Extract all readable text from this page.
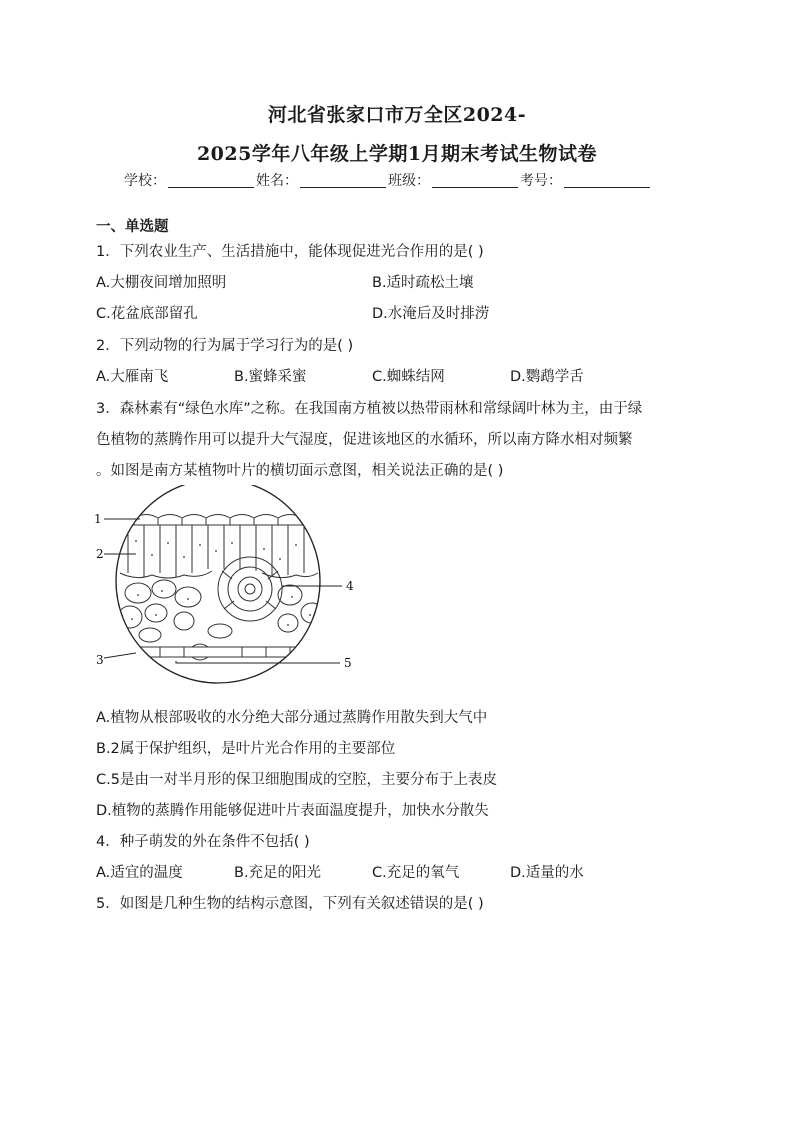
河北省张家口市万全区2024-
2025学年八年级上学期1月期末考试生物试卷
学校：	姓名：	班级：	考号：
一、单选题
1．下列农业生产、生活措施中，能体现促进光合作用的是( )
A.大棚夜间增加照明	B.适时疏松土壤
C.花盆底部留孔	D.水淹后及时排涝
2．下列动物的行为属于学习行为的是( )
A.大雁南飞	B.蜜蜂采蜜	C.蜘蛛结网	D.鹦鹉学舌
3．森林素有“绿色水库”之称。在我国南方植被以热带雨林和常绿阔叶林为主，由于绿
色植物的蒸腾作用可以提升大气湿度，促进该地区的水循环，所以南方降水相对频繁
。如图是南方某植物叶片的横切面示意图，相关说法正确的是( )
1
2
3
4
5
A.植物从根部吸收的水分绝大部分通过蒸腾作用散失到大气中
B.2属于保护组织，是叶片光合作用的主要部位
C.5是由一对半月形的保卫细胞围成的空腔，主要分布于上表皮
D.植物的蒸腾作用能够促进叶片表面温度提升，加快水分散失
4．种子萌发的外在条件不包括( )
A.适宜的温度	B.充足的阳光	C.充足的氧气	D.适量的水
5．如图是几种生物的结构示意图，下列有关叙述错误的是( )
